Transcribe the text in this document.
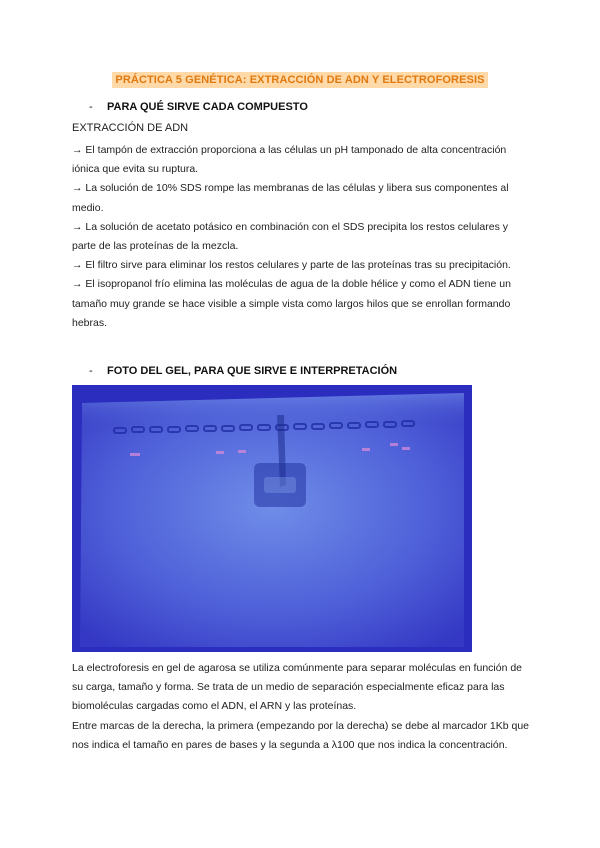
PRÁCTICA 5 GENÉTICA: EXTRACCIÓN DE ADN Y ELECTROFORESIS
- PARA QUÉ SIRVE CADA COMPUESTO
EXTRACCIÓN DE ADN

→ El tampón de extracción proporciona a las células un pH tamponado de alta concentración iónica que evita su ruptura.

→ La solución de 10% SDS rompe las membranas de las células y libera sus componentes al medio.

→ La solución de acetato potásico en combinación con el SDS precipita los restos celulares y parte de las proteínas de la mezcla.

→ El filtro sirve para eliminar los restos celulares y parte de las proteínas tras su precipitación.

→ El isopropanol frío elimina las moléculas de agua de la doble hélice y como el ADN tiene un tamaño muy grande se hace visible a simple vista como largos hilos que se enrollan formando hebras.

- FOTO DEL GEL, PARA QUE SIRVE E INTERPRETACIÓN

La electroforesis en gel de agarosa se utiliza comúnmente para separar moléculas en función de su carga, tamaño y forma. Se trata de un medio de separación especialmente eficaz para las biomoléculas cargadas como el ADN, el ARN y las proteínas.

Entre marcas de la derecha, la primera (empezando por la derecha) se debe al marcador 1Kb que nos indica el tamaño en pares de bases y la segunda a λ100 que nos indica la concentración.
